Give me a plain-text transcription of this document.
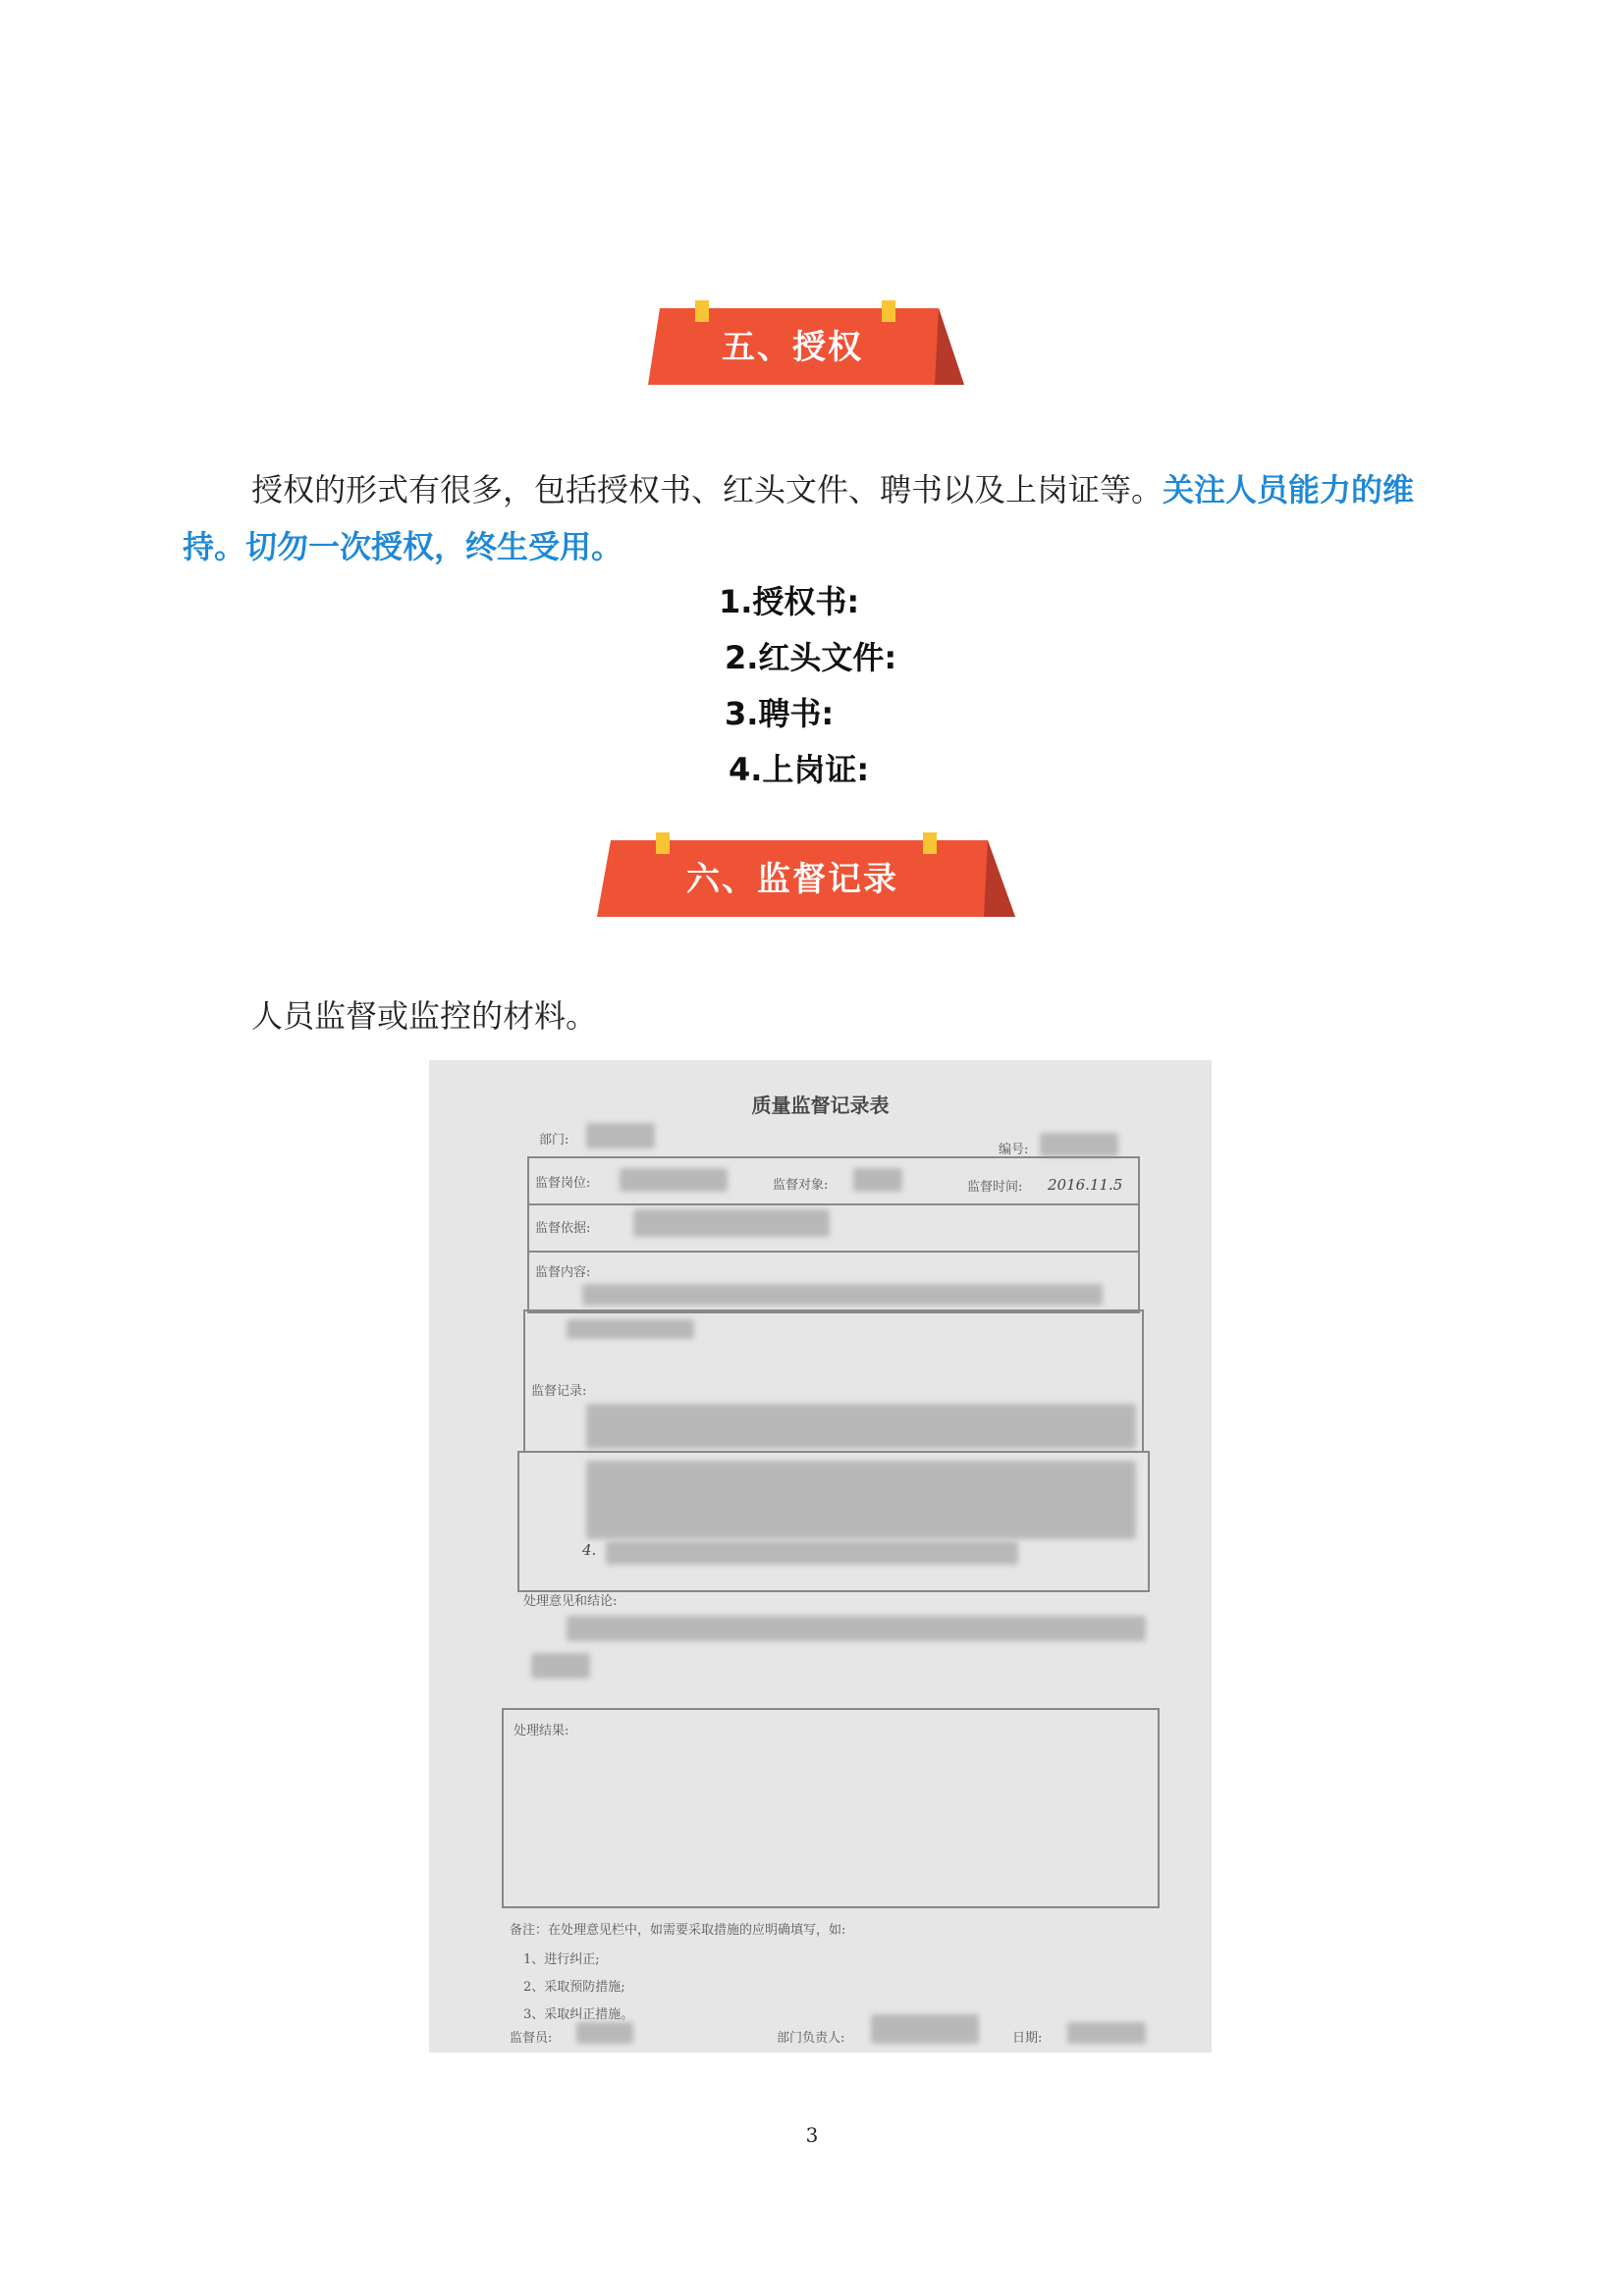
五、授权
授权的形式有很多，包括授权书、红头文件、聘书以及上岗证等。关注人员能力的维持。切勿一次授权，终生受用。
1.授权书:
2.红头文件:
3.聘书:
4.上岗证:
六、监督记录
人员监督或监控的材料。
质量监督记录表
部门:
编号:
监督岗位:	监督对象:	监督时间: 2016.11.5
监督依据:
监督内容:
监督记录:
4.
处理意见和结论:
处理结果:
备注：在处理意见栏中，如需要采取措施的应明确填写，如:
1、进行纠正;
2、采取预防措施;
3、采取纠正措施。
监督员:	部门负责人:	日期:
3
